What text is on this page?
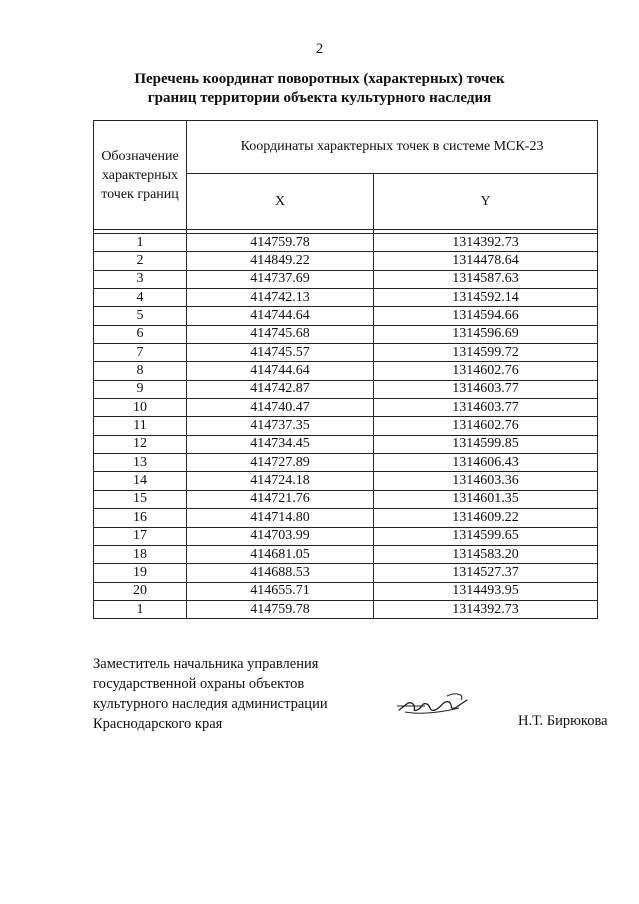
2
Перечень координат поворотных (характерных) точек
границ территории объекта культурного наследия
Обозначение характерных точек границ	Координаты характерных точек в системе МСК-23	
	X	Y

1	414759.78	1314392.73
2	414849.22	1314478.64
3	414737.69	1314587.63
4	414742.13	1314592.14
5	414744.64	1314594.66
6	414745.68	1314596.69
7	414745.57	1314599.72
8	414744.64	1314602.76
9	414742.87	1314603.77
10	414740.47	1314603.77
11	414737.35	1314602.76
12	414734.45	1314599.85
13	414727.89	1314606.43
14	414724.18	1314603.36
15	414721.76	1314601.35
16	414714.80	1314609.22
17	414703.99	1314599.65
18	414681.05	1314583.20
19	414688.53	1314527.37
20	414655.71	1314493.95
1	414759.78	1314392.73
Заместитель начальника управления
государственной охраны объектов
культурного наследия администрации
Краснодарского края	Н.Т. Бирюкова
